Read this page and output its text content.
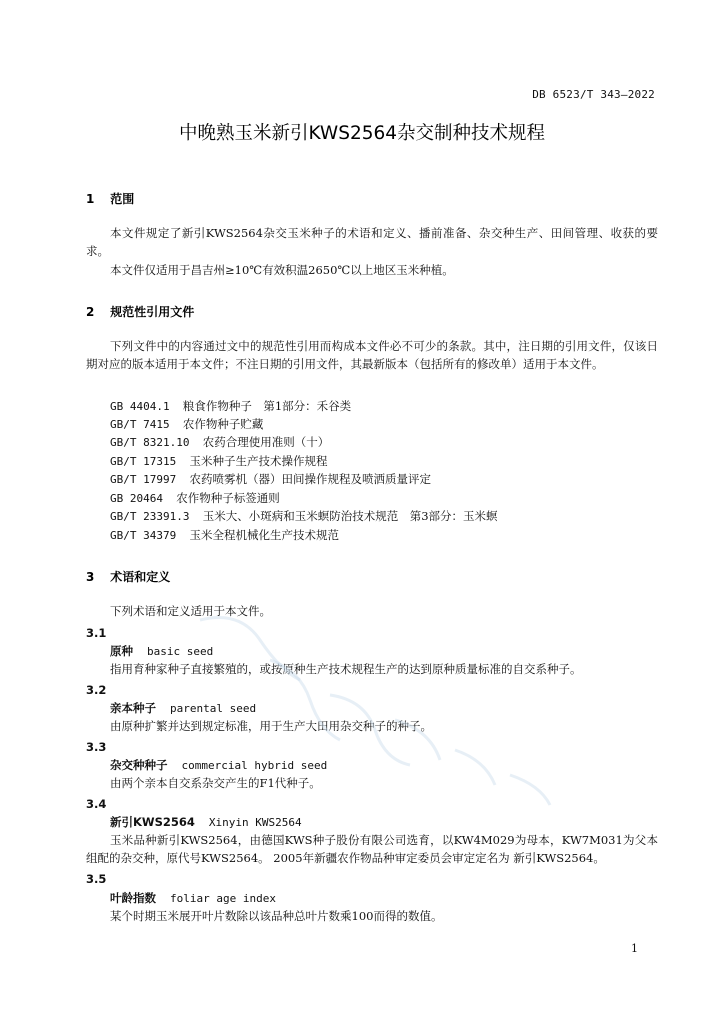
DB 6523/T 343—2022
中晚熟玉米新引KWS2564杂交制种技术规程
1 范围
本文件规定了新引KWS2564杂交玉米种子的术语和定义、播前准备、杂交种生产、田间管理、收获的要求。
本文件仅适用于昌吉州≥10℃有效积温2650℃以上地区玉米种植。
2 规范性引用文件
下列文件中的内容通过文中的规范性引用而构成本文件必不可少的条款。其中，注日期的引用文件，仅该日期对应的版本适用于本文件；不注日期的引用文件，其最新版本（包括所有的修改单）适用于本文件。
GB 4404.1 粮食作物种子　第1部分：禾谷类
GB/T 7415 农作物种子贮藏
GB/T 8321.10 农药合理使用准则（十）
GB/T 17315 玉米种子生产技术操作规程
GB/T 17997 农药喷雾机（器）田间操作规程及喷洒质量评定
GB 20464 农作物种子标签通则
GB/T 23391.3 玉米大、小斑病和玉米螟防治技术规范　第3部分：玉米螟
GB/T 34379 玉米全程机械化生产技术规范
3 术语和定义
下列术语和定义适用于本文件。
3.1
原种 basic seed
指用育种家种子直接繁殖的，或按原种生产技术规程生产的达到原种质量标准的自交系种子。
3.2
亲本种子 parental seed
由原种扩繁并达到规定标准，用于生产大田用杂交种子的种子。
3.3
杂交种种子 commercial hybrid seed
由两个亲本自交系杂交产生的F1代种子。
3.4
新引KWS2564 Xinyin KWS2564
玉米品种新引KWS2564，由德国KWS种子股份有限公司选育，以KW4M029为母本，KW7M031为父本组配的杂交种，原代号KWS2564。 2005年新疆农作物品种审定委员会审定定名为 新引KWS2564。
3.5
叶龄指数 foliar age index
某个时期玉米展开叶片数除以该品种总叶片数乘100而得的数值。
1
